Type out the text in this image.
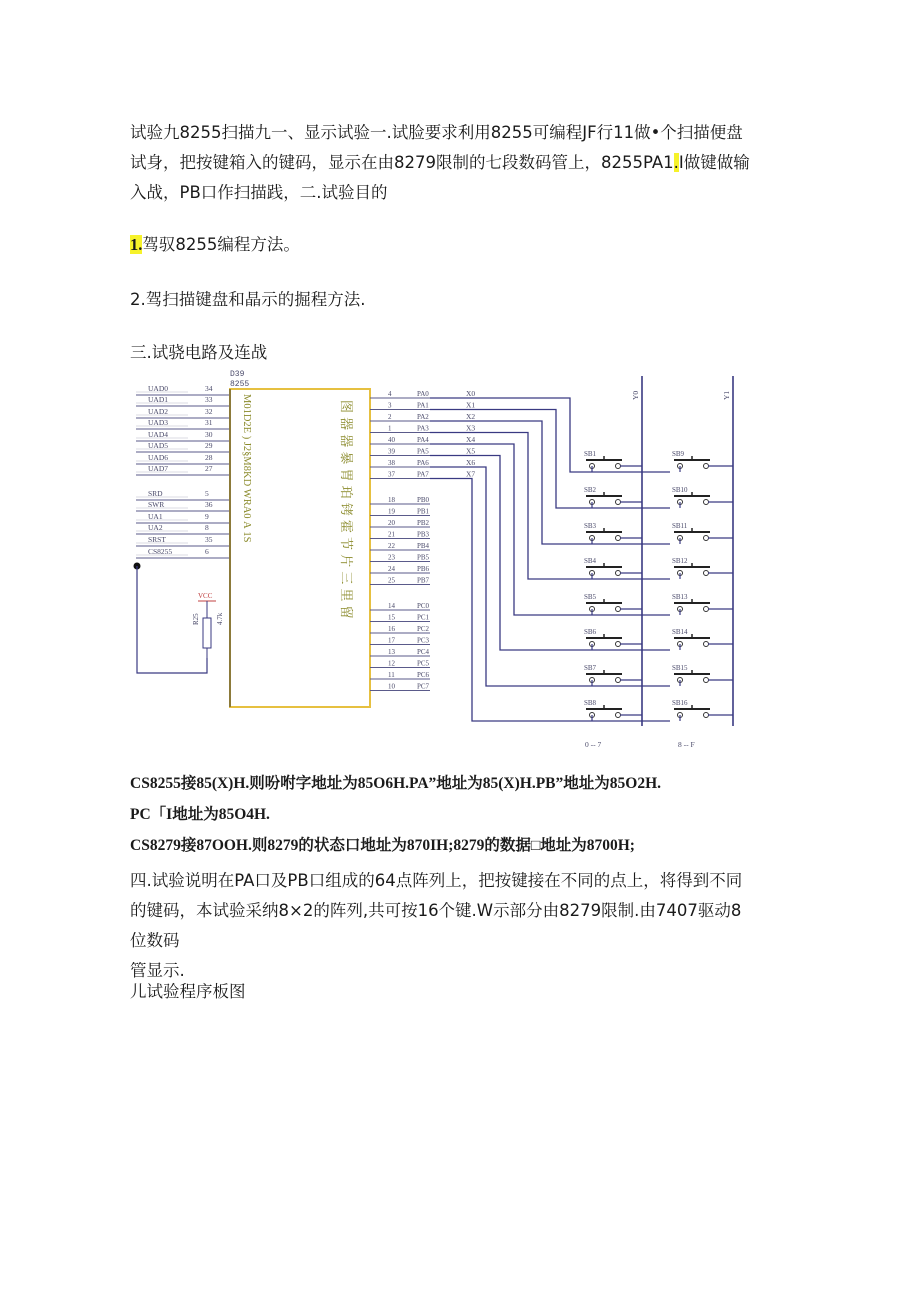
试验九8255扫描九一、显示试验一.试脸要求利用8255可编程JF行11做•个扫描便盘
试身，把按键箱入的键码，显示在由8279限制的七段数码管上，8255PA1.I做键做输
入战，PB口作扫描践，二.试验目的
1.驾驭8255编程方法。
2.驾扫描键盘和晶示的掘程方法.
三.试骁电路及连战
UAD0	34
UAD1	33
UAD2	32
UAD3	31
UAD4	30
UAD5	29
UAD6	28
UAD7	27
SRD	5
SWR	36
UA1	9
UA2	8
SRST	35
CS8255	6
D39
8255
M01D2E ) J2§M8KD WRA0 A 1S	图 器 器 暴 胃 珀 铐 霍 节 片 三 里 留
4	PA0
3	PA1
2	PA2
1	PA3
40	PA4
39	PA5
38	PA6
37	PA7
18	PB0
19	PB1
20	PB2
21	PB3
22	PB4
23	PB5
24	PB6
25	PB7
14	PC0
15	PC1
16	PC2
17	PC3
13	PC4
12	PC5
11	PC6
10	PC7
Y0	Y1
X0
X1
X2
X3
X4
X5
X6
X7
SB1
SB2
SB3
SB4
SB5
SB6
SB7
SB8
SB9
SB10
SB11
SB12
SB13
SB14
SB15
SB16
0 -- 7	8 -- F
VCC
R25 4.7k
CS8255接85(X)H.则吩咐字地址为85O6H.PA”地址为85(X)H.PB”地址为85O2H.
PC「I地址为85O4H.
CS8279接87OOH.则8279的状态口地址为870IH;8279的数据□地址为8700H;
四.试验说明在PA口及PB口组成的64点阵列上，把按键接在不同的点上，将得到不同
的键码，本试验采纳8×2的阵列,共可按16个键.W示部分由8279限制.由7407驱动8位数码
管显示.
儿试验程序板图
